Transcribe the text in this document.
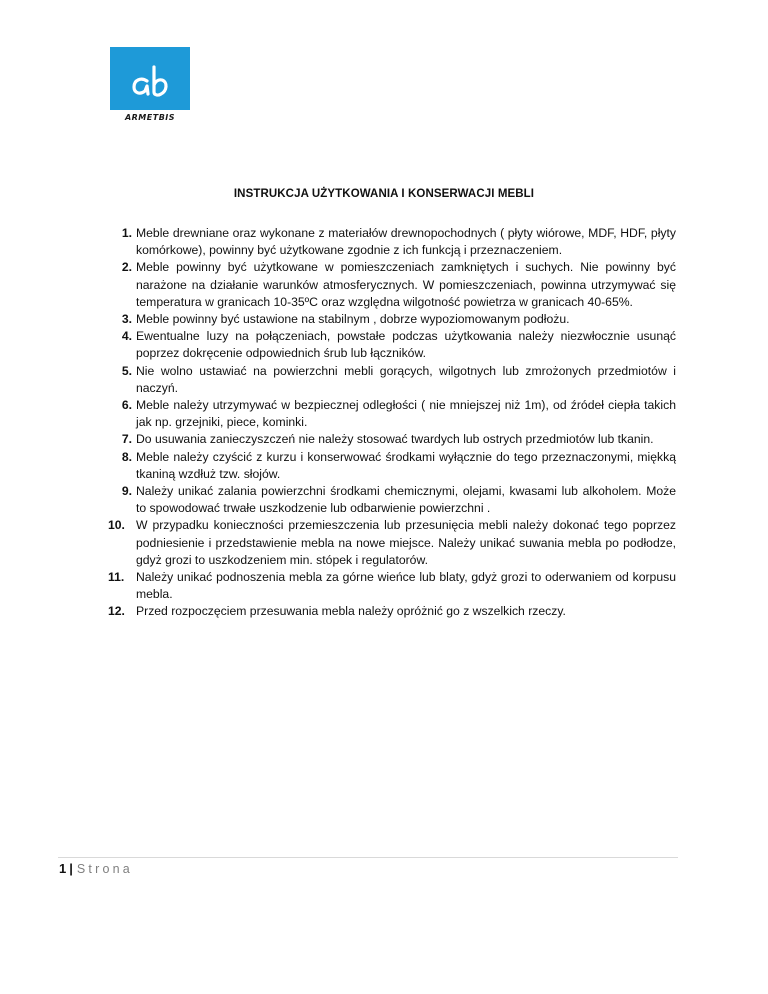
ARMETBIS
INSTRUKCJA UŻYTKOWANIA I KONSERWACJI MEBLI
1. Meble drewniane oraz wykonane z materiałów drewnopochodnych ( płyty wiórowe, MDF, HDF, płyty komórkowe), powinny być użytkowane zgodnie z ich funkcją i przeznaczeniem.
2. Meble powinny być użytkowane w pomieszczeniach zamkniętych i suchych. Nie powinny być narażone na działanie warunków atmosferycznych. W pomieszczeniach, powinna utrzymywać się temperatura w granicach 10-35ºC oraz względna wilgotność powietrza w granicach 40-65%.
3. Meble powinny być ustawione na stabilnym , dobrze wypoziomowanym podłożu.
4. Ewentualne luzy na połączeniach, powstałe podczas użytkowania należy niezwłocznie usunąć poprzez dokręcenie odpowiednich śrub lub łączników.
5. Nie wolno ustawiać na powierzchni mebli gorących, wilgotnych lub zmrożonych przedmiotów i naczyń.
6. Meble należy utrzymywać w bezpiecznej odległości ( nie mniejszej niż 1m), od źródeł ciepła takich jak np. grzejniki, piece, kominki.
7. Do usuwania zanieczyszczeń nie należy stosować twardych lub ostrych przedmiotów lub tkanin.
8. Meble należy czyścić z kurzu i konserwować środkami wyłącznie do tego przeznaczonymi, miękką tkaniną wzdłuż tzw. słojów.
9. Należy unikać zalania powierzchni środkami chemicznymi, olejami, kwasami lub alkoholem. Może to spowodować trwałe uszkodzenie lub odbarwienie powierzchni .
10. W przypadku konieczności przemieszczenia lub przesunięcia mebli należy dokonać tego poprzez podniesienie i przedstawienie mebla na nowe miejsce. Należy unikać suwania mebla po podłodze, gdyż grozi to uszkodzeniem min. stópek i regulatorów.
11. Należy unikać podnoszenia mebla za górne wieńce lub blaty, gdyż grozi to oderwaniem od korpusu mebla.
12. Przed rozpoczęciem przesuwania mebla należy opróżnić go z wszelkich rzeczy.
1 | Strona
